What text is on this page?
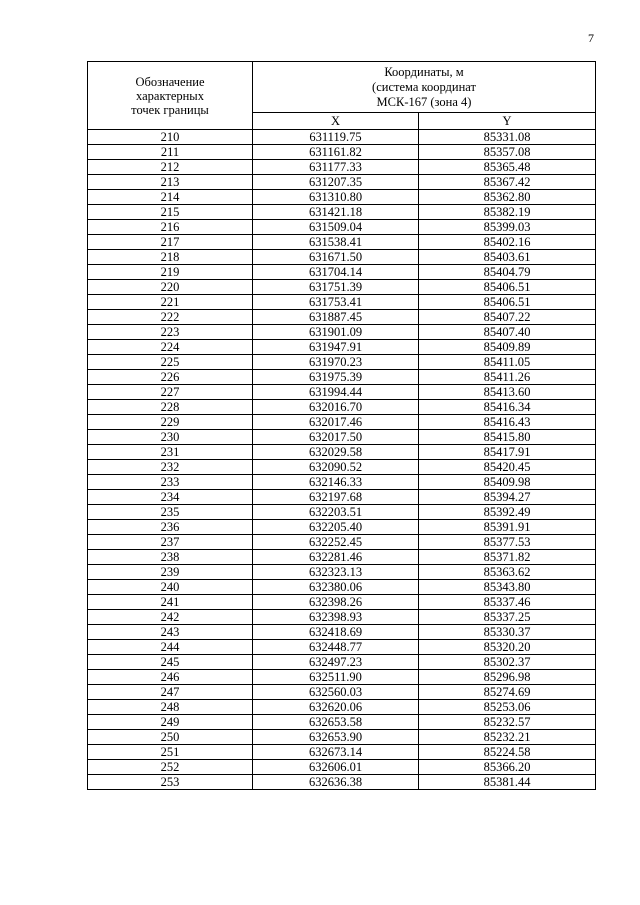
7
Обозначение
характерных
точек границы	Координаты, м
(система координат
МСК-167 (зона 4)	

	X	Y
210	631119.75	85331.08
211	631161.82	85357.08
212	631177.33	85365.48
213	631207.35	85367.42
214	631310.80	85362.80
215	631421.18	85382.19
216	631509.04	85399.03
217	631538.41	85402.16
218	631671.50	85403.61
219	631704.14	85404.79
220	631751.39	85406.51
221	631753.41	85406.51
222	631887.45	85407.22
223	631901.09	85407.40
224	631947.91	85409.89
225	631970.23	85411.05
226	631975.39	85411.26
227	631994.44	85413.60
228	632016.70	85416.34
229	632017.46	85416.43
230	632017.50	85415.80
231	632029.58	85417.91
232	632090.52	85420.45
233	632146.33	85409.98
234	632197.68	85394.27
235	632203.51	85392.49
236	632205.40	85391.91
237	632252.45	85377.53
238	632281.46	85371.82
239	632323.13	85363.62
240	632380.06	85343.80
241	632398.26	85337.46
242	632398.93	85337.25
243	632418.69	85330.37
244	632448.77	85320.20
245	632497.23	85302.37
246	632511.90	85296.98
247	632560.03	85274.69
248	632620.06	85253.06
249	632653.58	85232.57
250	632653.90	85232.21
251	632673.14	85224.58
252	632606.01	85366.20
253	632636.38	85381.44
